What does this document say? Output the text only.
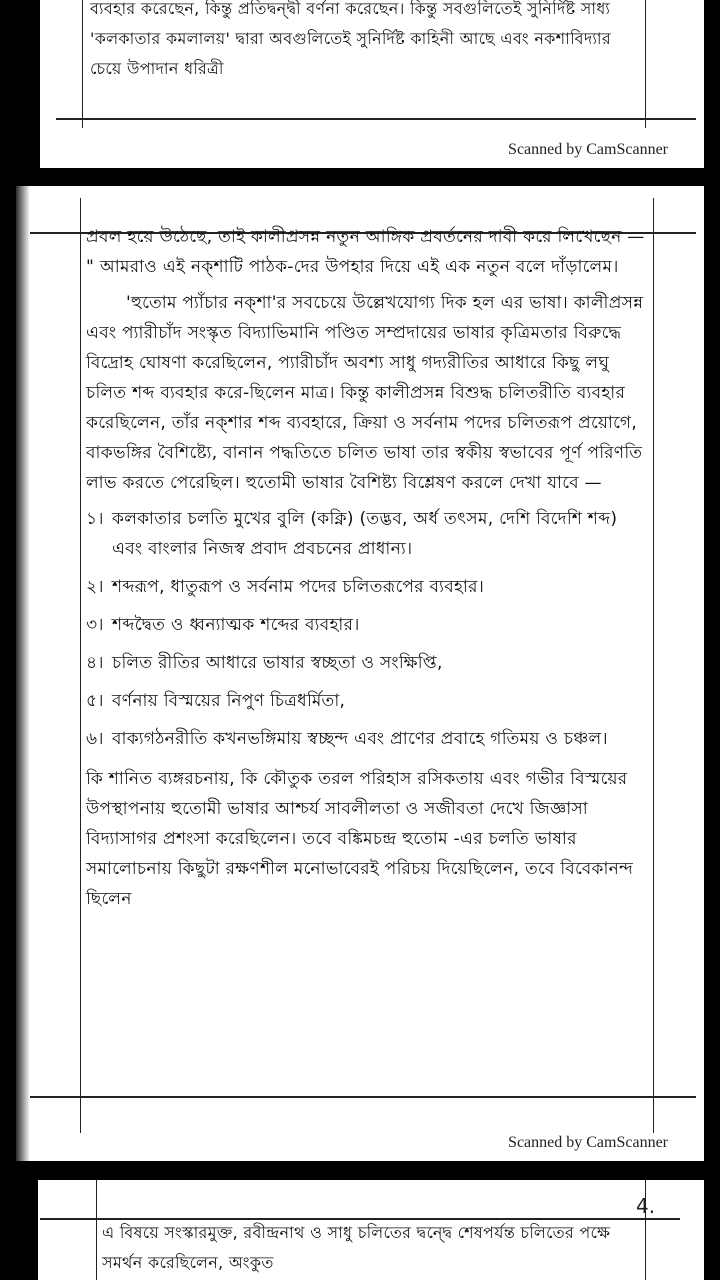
ব্যবহার করেছেন, কিন্তু প্রতিদ্বন্দ্বী বর্ণনা করেছেন। কিন্তু সবগুলিতেই সুনির্দিষ্ট সাধ্য 'কলকাতার কমলালয়' দ্বারা অবগুলিতেই সুনির্দিষ্ট কাহিনী আছে এবং নকশাবিদ্যার চেয়ে উপাদান ধরিত্রী
Scanned by CamScanner

প্রবল হয়ে উঠেছে, তাই কালীপ্রসন্ন নতুন আঙ্গিক প্রবর্তনের দাবী করে লিখেছেন — " আমরাও এই নক্শাটি পাঠক-দের উপহার দিয়ে এই এক নতুন বলে দাঁড়ালেম।

'হুতোম প্যাঁচার নক্শা'র সবচেয়ে উল্লেখযোগ্য দিক হল এর ভাষা। কালীপ্রসন্ন এবং প্যারীচাঁদ সংস্কৃত বিদ্যাভিমানি পণ্ডিত সম্প্রদায়ের ভাষার কৃত্রিমতার বিরুদ্ধে বিদ্রোহ ঘোষণা করেছিলেন, প্যারীচাঁদ অবশ্য সাধু গদ্যরীতির আধারে কিছু লঘু চলিত শব্দ ব্যবহার করে-ছিলেন মাত্র। কিন্তু কালীপ্রসন্ন বিশুদ্ধ চলিতরীতি ব্যবহার করেছিলেন, তাঁর নক্শার শব্দ ব্যবহারে, ক্রিয়া ও সর্বনাম পদের চলিতরূপ প্রয়োগে, বাকভঙ্গির বৈশিষ্ট্যে, বানান পদ্ধতিতে চলিত ভাষা তার স্বকীয় স্বভাবের পূর্ণ পরিণতি লাভ করতে পেরেছিল। হুতোমী ভাষার বৈশিষ্ট্য বিশ্লেষণ করলে দেখা যাবে —

১। কলকাতার চলতি মুখের বুলি (কক্নি) (তদ্ভব, অর্ধ তৎসম, দেশি বিদেশি শব্দ) এবং বাংলার নিজস্ব প্রবাদ প্রবচনের প্রাধান্য।
২। শব্দরূপ, ধাতুরূপ ও সর্বনাম পদের চলিতরূপের ব্যবহার।
৩। শব্দদ্বৈত ও ধ্বন্যাত্মক শব্দের ব্যবহার।
৪। চলিত রীতির আধারে ভাষার স্বচ্ছতা ও সংক্ষিপ্তি,
৫। বর্ণনায় বিস্ময়ের নিপুণ চিত্রধর্মিতা,
৬। বাক্যগঠনরীতি কখনভঙ্গিমায় স্বচ্ছন্দ এবং প্রাণের প্রবাহে গতিময় ও চঞ্চল।

কি শানিত ব্যঙ্গরচনায়, কি কৌতুক তরল পরিহাস রসিকতায় এবং গভীর বিস্ময়ের উপস্থাপনায় হুতোমী ভাষার আশ্চর্য সাবলীলতা ও সজীবতা দেখে জিজ্ঞাসা বিদ্যাসাগর প্রশংসা করেছিলেন। তবে বঙ্কিমচন্দ্র হুতোম -এর চলতি ভাষার সমালোচনায় কিছুটা রক্ষণশীল মনোভাবেরই পরিচয় দিয়েছিলেন, তবে বিবেকানন্দ ছিলেন

Scanned by CamScanner
4.
এ বিষয়ে সংস্কারমুক্ত, রবীন্দ্রনাথ ও সাধু চলিতের দ্বন্দ্বে শেষপর্যন্ত চলিতের পক্ষে সমর্থন করেছিলেন, অংকুত
